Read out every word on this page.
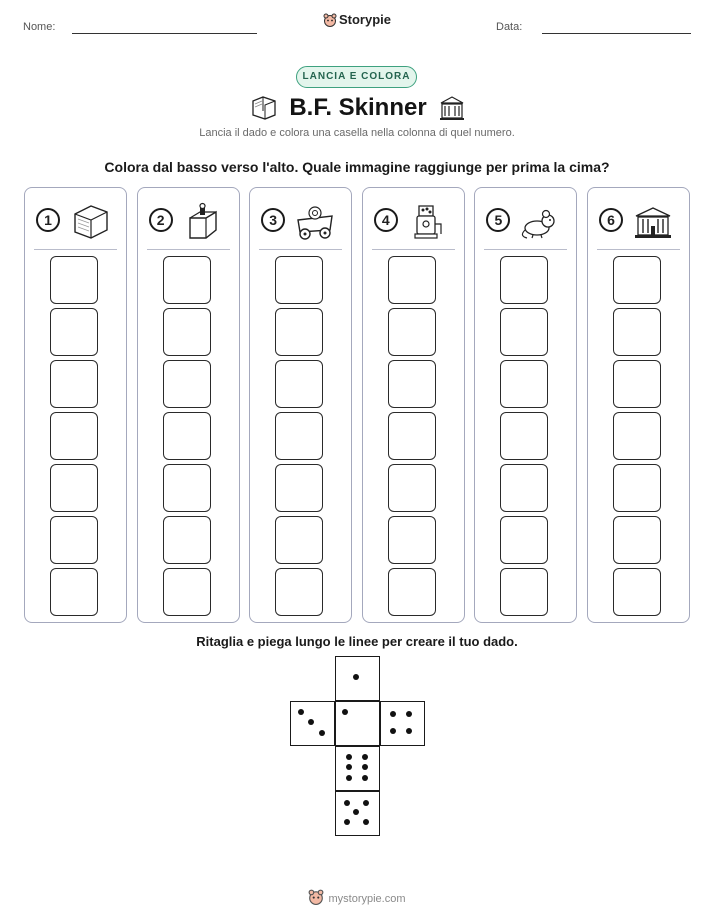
Nome:	Storypie	Data:
LANCIA E COLORA
B.F. Skinner
Lancia il dado e colora una casella nella colonna di quel numero.
Colora dal basso verso l'alto. Quale immagine raggiunge per prima la cima?
1	2	3	4	5	6
Ritaglia e piega lungo le linee per creare il tuo dado.
mystorypie.com
